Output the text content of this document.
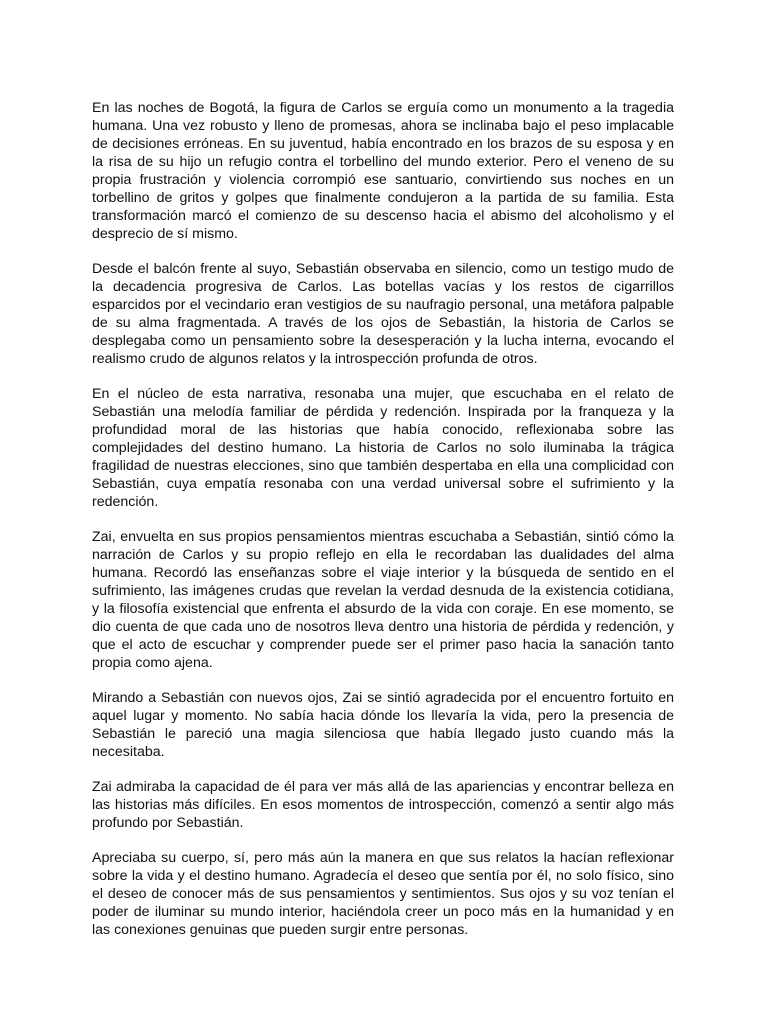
En las noches de Bogotá, la figura de Carlos se erguía como un monumento a la tragedia humana. Una vez robusto y lleno de promesas, ahora se inclinaba bajo el peso implacable de decisiones erróneas. En su juventud, había encontrado en los brazos de su esposa y en la risa de su hijo un refugio contra el torbellino del mundo exterior. Pero el veneno de su propia frustración y violencia corrompió ese santuario, convirtiendo sus noches en un torbellino de gritos y golpes que finalmente condujeron a la partida de su familia. Esta transformación marcó el comienzo de su descenso hacia el abismo del alcoholismo y el desprecio de sí mismo.

Desde el balcón frente al suyo, Sebastián observaba en silencio, como un testigo mudo de la decadencia progresiva de Carlos. Las botellas vacías y los restos de cigarrillos esparcidos por el vecindario eran vestigios de su naufragio personal, una metáfora palpable de su alma fragmentada. A través de los ojos de Sebastián, la historia de Carlos se desplegaba como un pensamiento sobre la desesperación y la lucha interna, evocando el realismo crudo de algunos relatos y la introspección profunda de otros.

En el núcleo de esta narrativa, resonaba una mujer, que escuchaba en el relato de Sebastián una melodía familiar de pérdida y redención. Inspirada por la franqueza y la profundidad moral de las historias que había conocido, reflexionaba sobre las complejidades del destino humano. La historia de Carlos no solo iluminaba la trágica fragilidad de nuestras elecciones, sino que también despertaba en ella una complicidad con Sebastián, cuya empatía resonaba con una verdad universal sobre el sufrimiento y la redención.

Zai, envuelta en sus propios pensamientos mientras escuchaba a Sebastián, sintió cómo la narración de Carlos y su propio reflejo en ella le recordaban las dualidades del alma humana. Recordó las enseñanzas sobre el viaje interior y la búsqueda de sentido en el sufrimiento, las imágenes crudas que revelan la verdad desnuda de la existencia cotidiana, y la filosofía existencial que enfrenta el absurdo de la vida con coraje. En ese momento, se dio cuenta de que cada uno de nosotros lleva dentro una historia de pérdida y redención, y que el acto de escuchar y comprender puede ser el primer paso hacia la sanación tanto propia como ajena.

Mirando a Sebastián con nuevos ojos, Zai se sintió agradecida por el encuentro fortuito en aquel lugar y momento. No sabía hacia dónde los llevaría la vida, pero la presencia de Sebastián le pareció una magia silenciosa que había llegado justo cuando más la necesitaba.

Zai admiraba la capacidad de él para ver más allá de las apariencias y encontrar belleza en las historias más difíciles. En esos momentos de introspección, comenzó a sentir algo más profundo por Sebastián.

Apreciaba su cuerpo, sí, pero más aún la manera en que sus relatos la hacían reflexionar sobre la vida y el destino humano. Agradecía el deseo que sentía por él, no solo físico, sino el deseo de conocer más de sus pensamientos y sentimientos. Sus ojos y su voz tenían el poder de iluminar su mundo interior, haciéndola creer un poco más en la humanidad y en las conexiones genuinas que pueden surgir entre personas.
